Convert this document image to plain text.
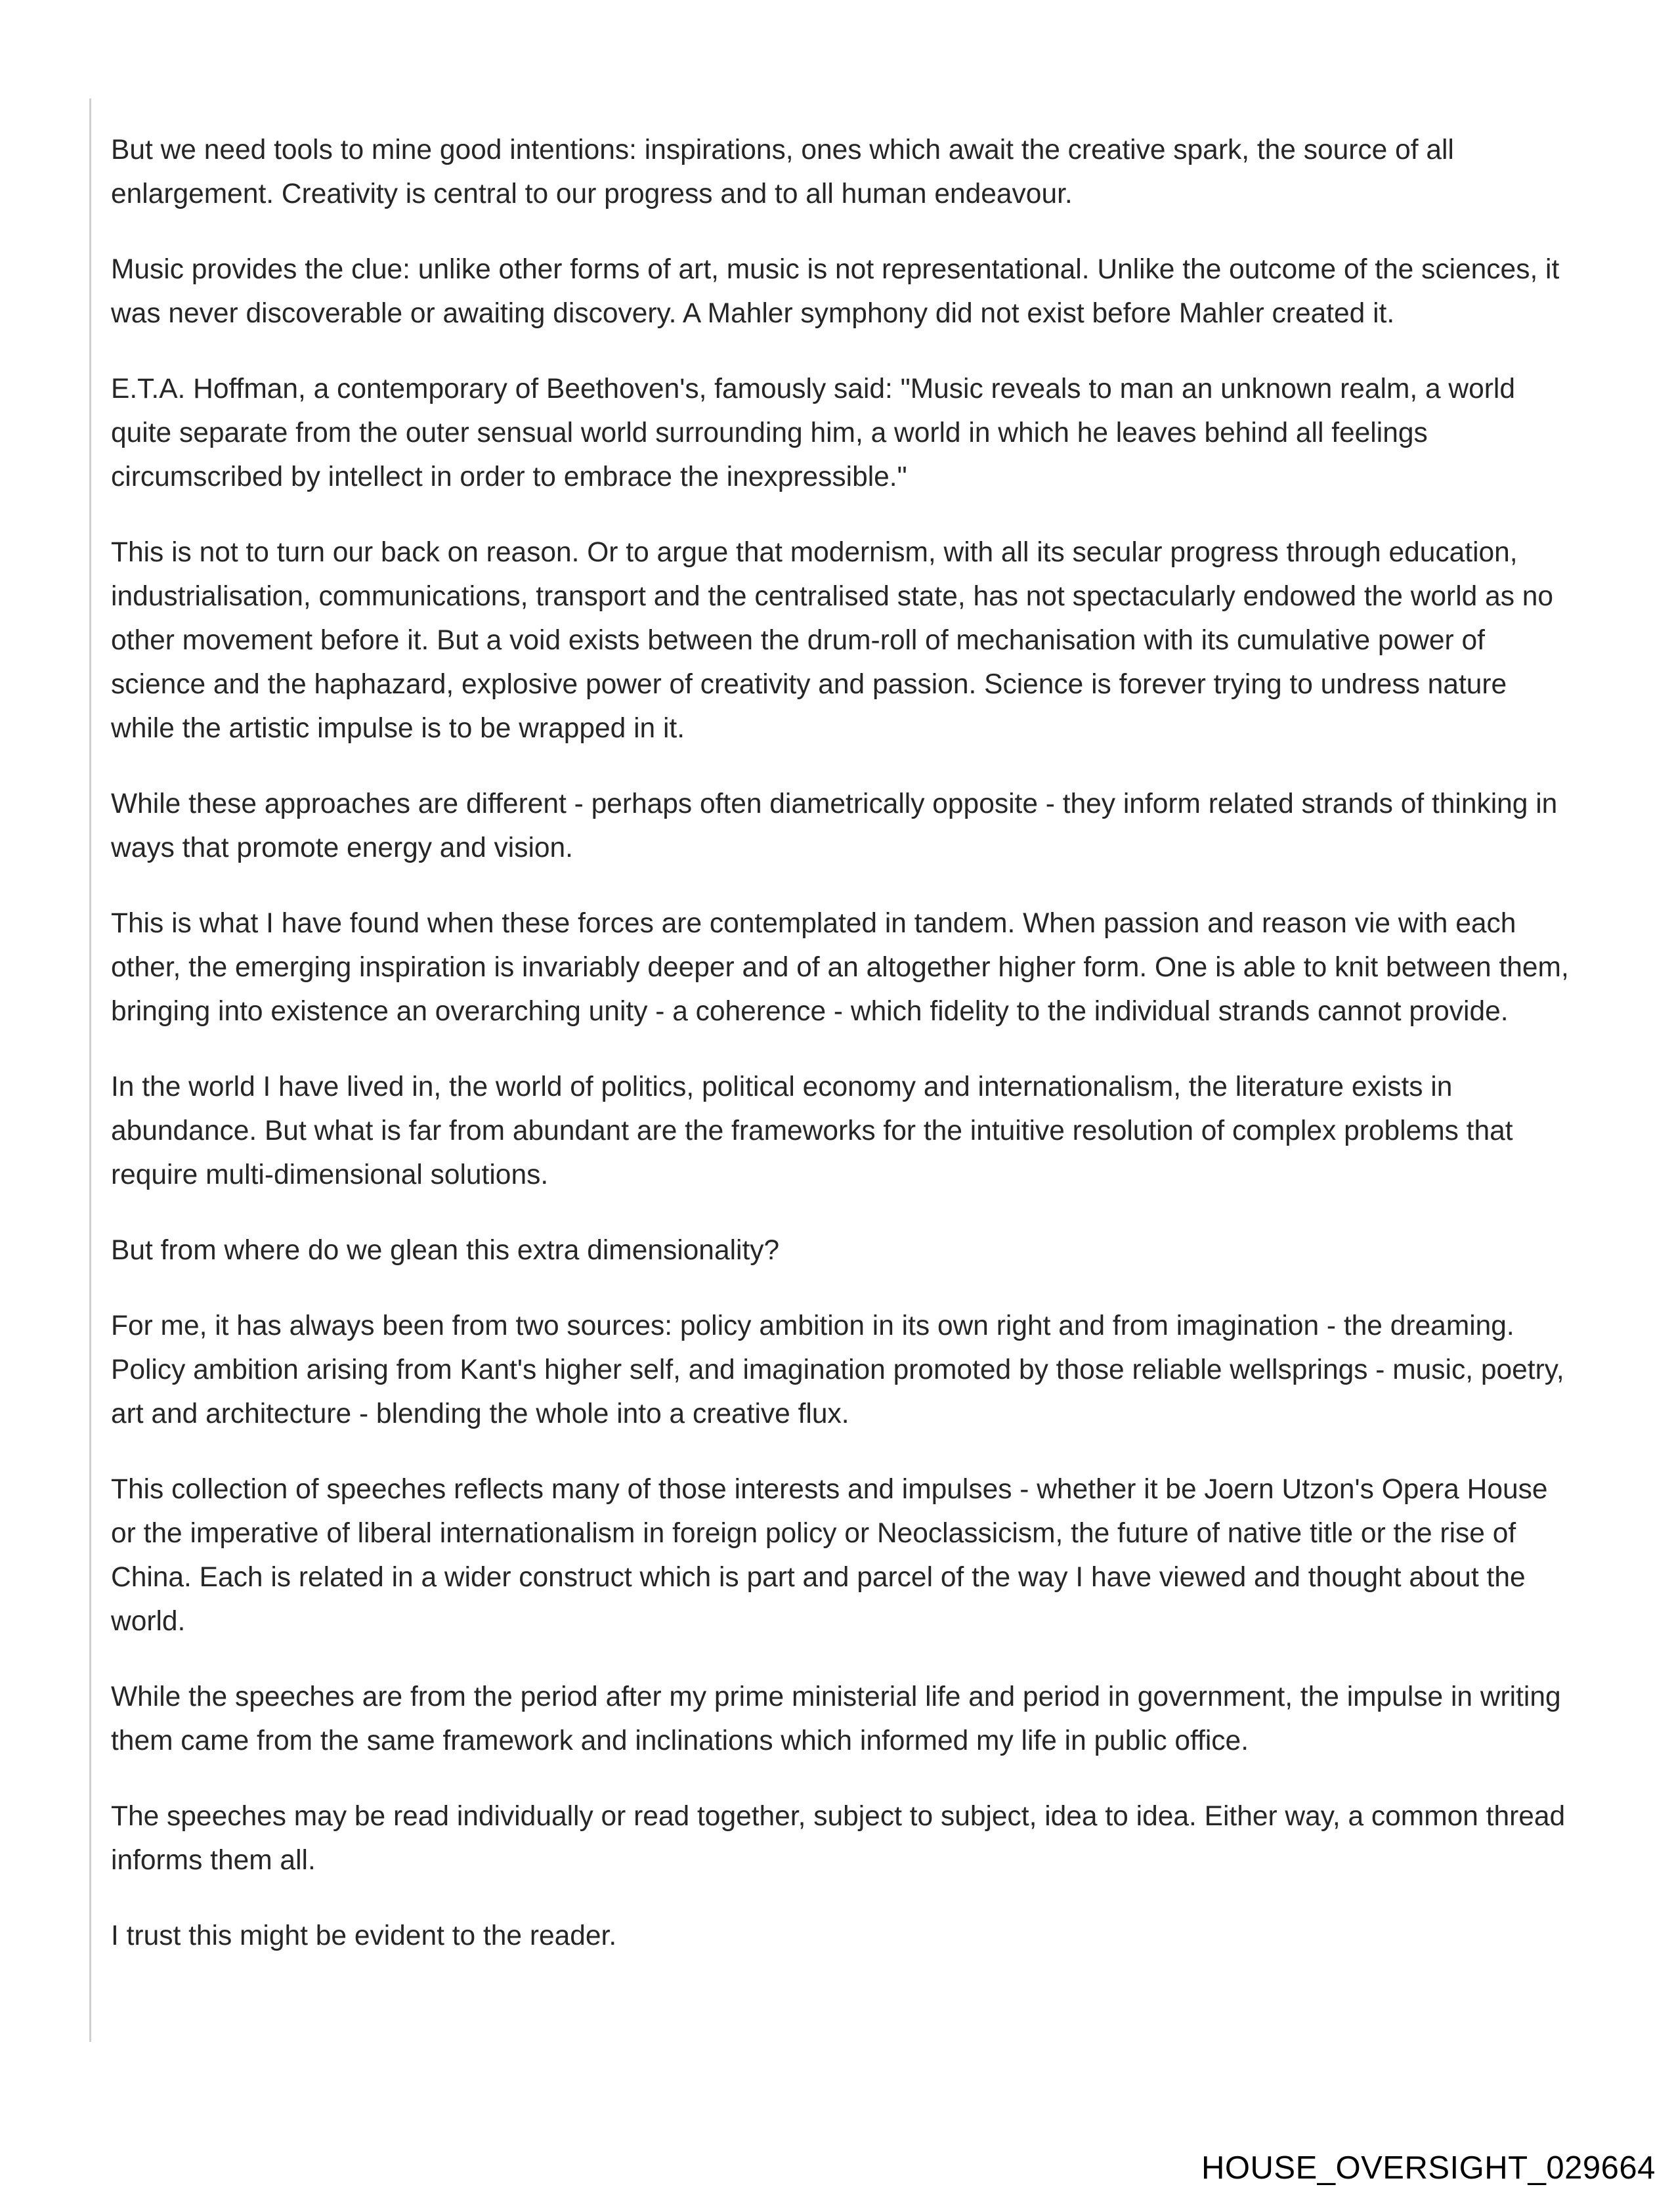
But we need tools to mine good intentions: inspirations, ones which await the creative spark, the source of all enlargement. Creativity is central to our progress and to all human endeavour.

Music provides the clue: unlike other forms of art, music is not representational. Unlike the outcome of the sciences, it was never discoverable or awaiting discovery. A Mahler symphony did not exist before Mahler created it.

E.T.A. Hoffman, a contemporary of Beethoven's, famously said: "Music reveals to man an unknown realm, a world quite separate from the outer sensual world surrounding him, a world in which he leaves behind all feelings circumscribed by intellect in order to embrace the inexpressible."

This is not to turn our back on reason. Or to argue that modernism, with all its secular progress through education, industrialisation, communications, transport and the centralised state, has not spectacularly endowed the world as no other movement before it. But a void exists between the drum-roll of mechanisation with its cumulative power of science and the haphazard, explosive power of creativity and passion. Science is forever trying to undress nature while the artistic impulse is to be wrapped in it.

While these approaches are different - perhaps often diametrically opposite - they inform related strands of thinking in ways that promote energy and vision.

This is what I have found when these forces are contemplated in tandem. When passion and reason vie with each other, the emerging inspiration is invariably deeper and of an altogether higher form. One is able to knit between them, bringing into existence an overarching unity - a coherence - which fidelity to the individual strands cannot provide.

In the world I have lived in, the world of politics, political economy and internationalism, the literature exists in abundance. But what is far from abundant are the frameworks for the intuitive resolution of complex problems that require multi-dimensional solutions.

But from where do we glean this extra dimensionality?

For me, it has always been from two sources: policy ambition in its own right and from imagination - the dreaming. Policy ambition arising from Kant's higher self, and imagination promoted by those reliable wellsprings - music, poetry, art and architecture - blending the whole into a creative flux.

This collection of speeches reflects many of those interests and impulses - whether it be Joern Utzon's Opera House or the imperative of liberal internationalism in foreign policy or Neoclassicism, the future of native title or the rise of China. Each is related in a wider construct which is part and parcel of the way I have viewed and thought about the world.

While the speeches are from the period after my prime ministerial life and period in government, the impulse in writing them came from the same framework and inclinations which informed my life in public office.

The speeches may be read individually or read together, subject to subject, idea to idea. Either way, a common thread informs them all.

I trust this might be evident to the reader.

HOUSE_OVERSIGHT_029664
